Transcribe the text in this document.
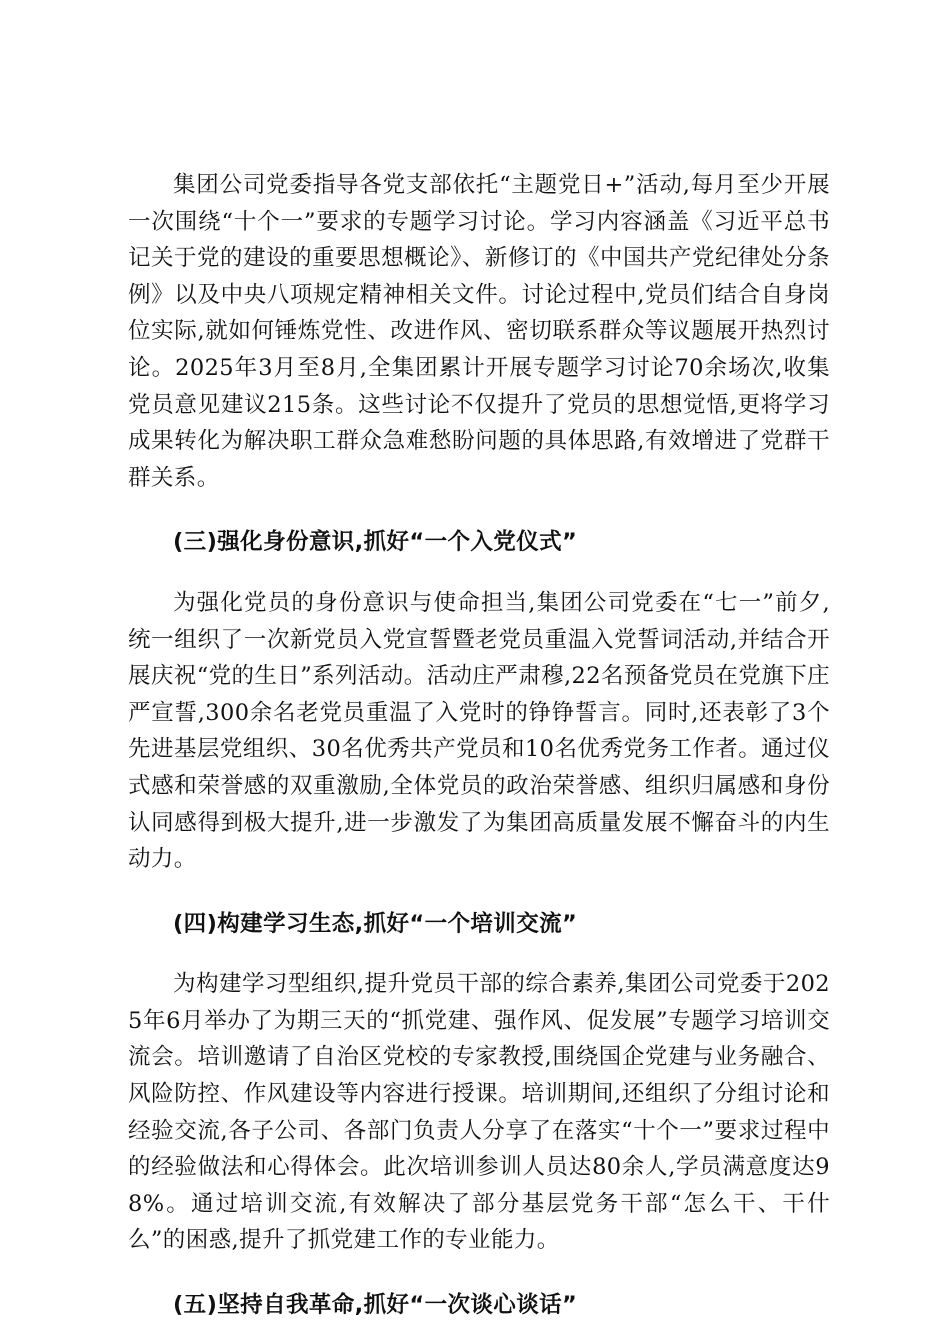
集团公司党委指导各党支部依托“主题党日+”活动,每月至少开展一次围绕“十个一”要求的专题学习讨论。学习内容涵盖《习近平总书记关于党的建设的重要思想概论》、新修订的《中国共产党纪律处分条例》以及中央八项规定精神相关文件。讨论过程中,党员们结合自身岗位实际,就如何锤炼党性、改进作风、密切联系群众等议题展开热烈讨论。2025年3月至8月,全集团累计开展专题学习讨论70余场次,收集党员意见建议215条。这些讨论不仅提升了党员的思想觉悟,更将学习成果转化为解决职工群众急难愁盼问题的具体思路,有效增进了党群干群关系。

(三)强化身份意识,抓好“一个入党仪式”

为强化党员的身份意识与使命担当,集团公司党委在“七一”前夕,统一组织了一次新党员入党宣誓暨老党员重温入党誓词活动,并结合开展庆祝“党的生日”系列活动。活动庄严肃穆,22名预备党员在党旗下庄严宣誓,300余名老党员重温了入党时的铮铮誓言。同时,还表彰了3个先进基层党组织、30名优秀共产党员和10名优秀党务工作者。通过仪式感和荣誉感的双重激励,全体党员的政治荣誉感、组织归属感和身份认同感得到极大提升,进一步激发了为集团高质量发展不懈奋斗的内生动力。

(四)构建学习生态,抓好“一个培训交流”

为构建学习型组织,提升党员干部的综合素养,集团公司党委于2025年6月举办了为期三天的“抓党建、强作风、促发展”专题学习培训交流会。培训邀请了自治区党校的专家教授,围绕国企党建与业务融合、风险防控、作风建设等内容进行授课。培训期间,还组织了分组讨论和经验交流,各子公司、各部门负责人分享了在落实“十个一”要求过程中的经验做法和心得体会。此次培训参训人员达80余人,学员满意度达98%。通过培训交流,有效解决了部分基层党务干部“怎么干、干什么”的困惑,提升了抓党建工作的专业能力。

(五)坚持自我革命,抓好“一次谈心谈话”
